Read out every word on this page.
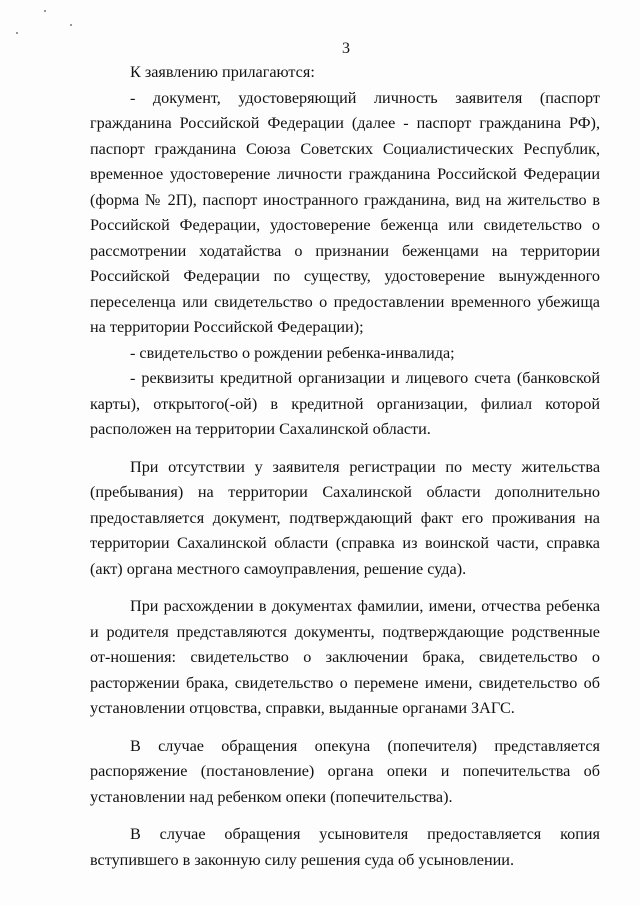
3

К заявлению прилагаются:

- документ, удостоверяющий личность заявителя (паспорт гражданина Российской Федерации (далее - паспорт гражданина РФ), паспорт гражданина Союза Советских Социалистических Республик, временное удостоверение личности гражданина Российской Федерации (форма № 2П), паспорт иностранного гражданина, вид на жительство в Российской Федерации, удостоверение беженца или свидетельство о рассмотрении ходатайства о признании беженцами на территории Российской Федерации по существу, удостоверение вынужденного переселенца или свидетельство о предоставлении временного убежища на территории Российской Федерации);

- свидетельство о рождении ребенка-инвалида;

- реквизиты кредитной организации и лицевого счета (банковской карты), открытого(-ой) в кредитной организации, филиал которой расположен на территории Сахалинской области.

При отсутствии у заявителя регистрации по месту жительства (пребывания) на территории Сахалинской области дополнительно предоставляется документ, подтверждающий факт его проживания на территории Сахалинской области (справка из воинской части, справка (акт) органа местного самоуправления, решение суда).

При расхождении в документах фамилии, имени, отчества ребенка и родителя представляются документы, подтверждающие родственные от-ношения: свидетельство о заключении брака, свидетельство о расторжении брака, свидетельство о перемене имени, свидетельство об установлении отцовства, справки, выданные органами ЗАГС.

В случае обращения опекуна (попечителя) представляется распоряжение (постановление) органа опеки и попечительства об установлении над ребенком опеки (попечительства).

В случае обращения усыновителя предоставляется копия вступившего в законную силу решения суда об усыновлении.
